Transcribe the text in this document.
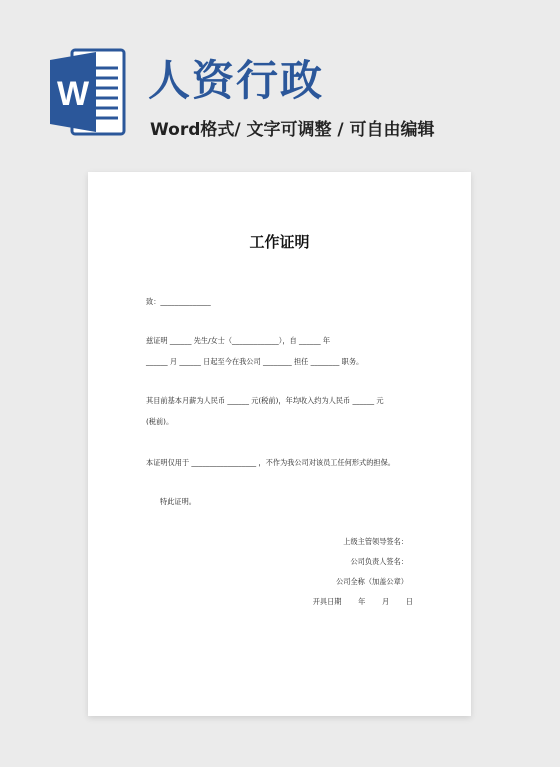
W 人资行政
Word格式/ 文字可调整 / 可自由编辑
工作证明
致：______________
兹证明 ______ 先生/女士（_____________），自 ______ 年
______ 月 ______ 日起至今在我公司 ________ 担任 ________ 职务。
其目前基本月薪为人民币 ______ 元(税前)，年均收入约为人民币 ______ 元
(税前)。
本证明仅用于 __________________ ，不作为我公司对该员工任何形式的担保。
特此证明。
上级主管领导签名：
公司负责人签名：
公司全称（加盖公章）
开具日期　　 年　　 月　　 日
